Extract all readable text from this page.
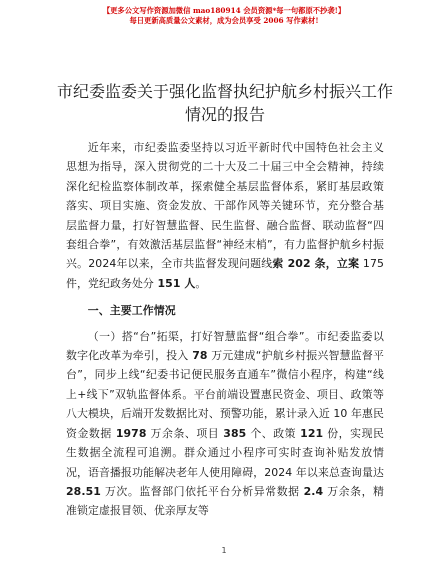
【更多公文写作资源加微信 mao180914 会员资源*每一句都原不抄袭!】
每日更新高质量公文素材，成为会员享受 2006 写作素材!
市纪委监委关于强化监督执纪护航乡村振兴工作情况的报告

近年来，市纪委监委坚持以习近平新时代中国特色社会主义思想为指导，深入贯彻党的二十大及二十届三中全会精神，持续深化纪检监察体制改革，探索健全基层监督体系，紧盯基层政策落实、项目实施、资金发放、干部作风等关键环节，充分整合基层监督力量，打好智慧监督、民生监督、融合监督、联动监督“四套组合拳”，有效激活基层监督“神经末梢”，有力监督护航乡村振兴。2024年以来，全市共监督发现问题线索 202 条，立案 175 件，党纪政务处分 151 人。

一、主要工作情况

（一）搭“台”拓渠，打好智慧监督“组合拳”。市纪委监委以数字化改革为牵引，投入 78 万元建成“护航乡村振兴智慧监督平台”，同步上线“纪委书记便民服务直通车”微信小程序，构建“线上+线下”双轨监督体系。平台前端设置惠民资金、项目、政策等八大模块，后端开发数据比对、预警功能，累计录入近 10 年惠民资金数据 1978 万余条、项目 385 个、政策 121 份，实现民生数据全流程可追溯。群众通过小程序可实时查询补贴发放情况，语音播报功能解决老年人使用障碍，2024 年以来总查询量达 28.51 万次。监督部门依托平台分析异常数据 2.4 万余条，精准锁定虚报冒领、优亲厚友等

1
